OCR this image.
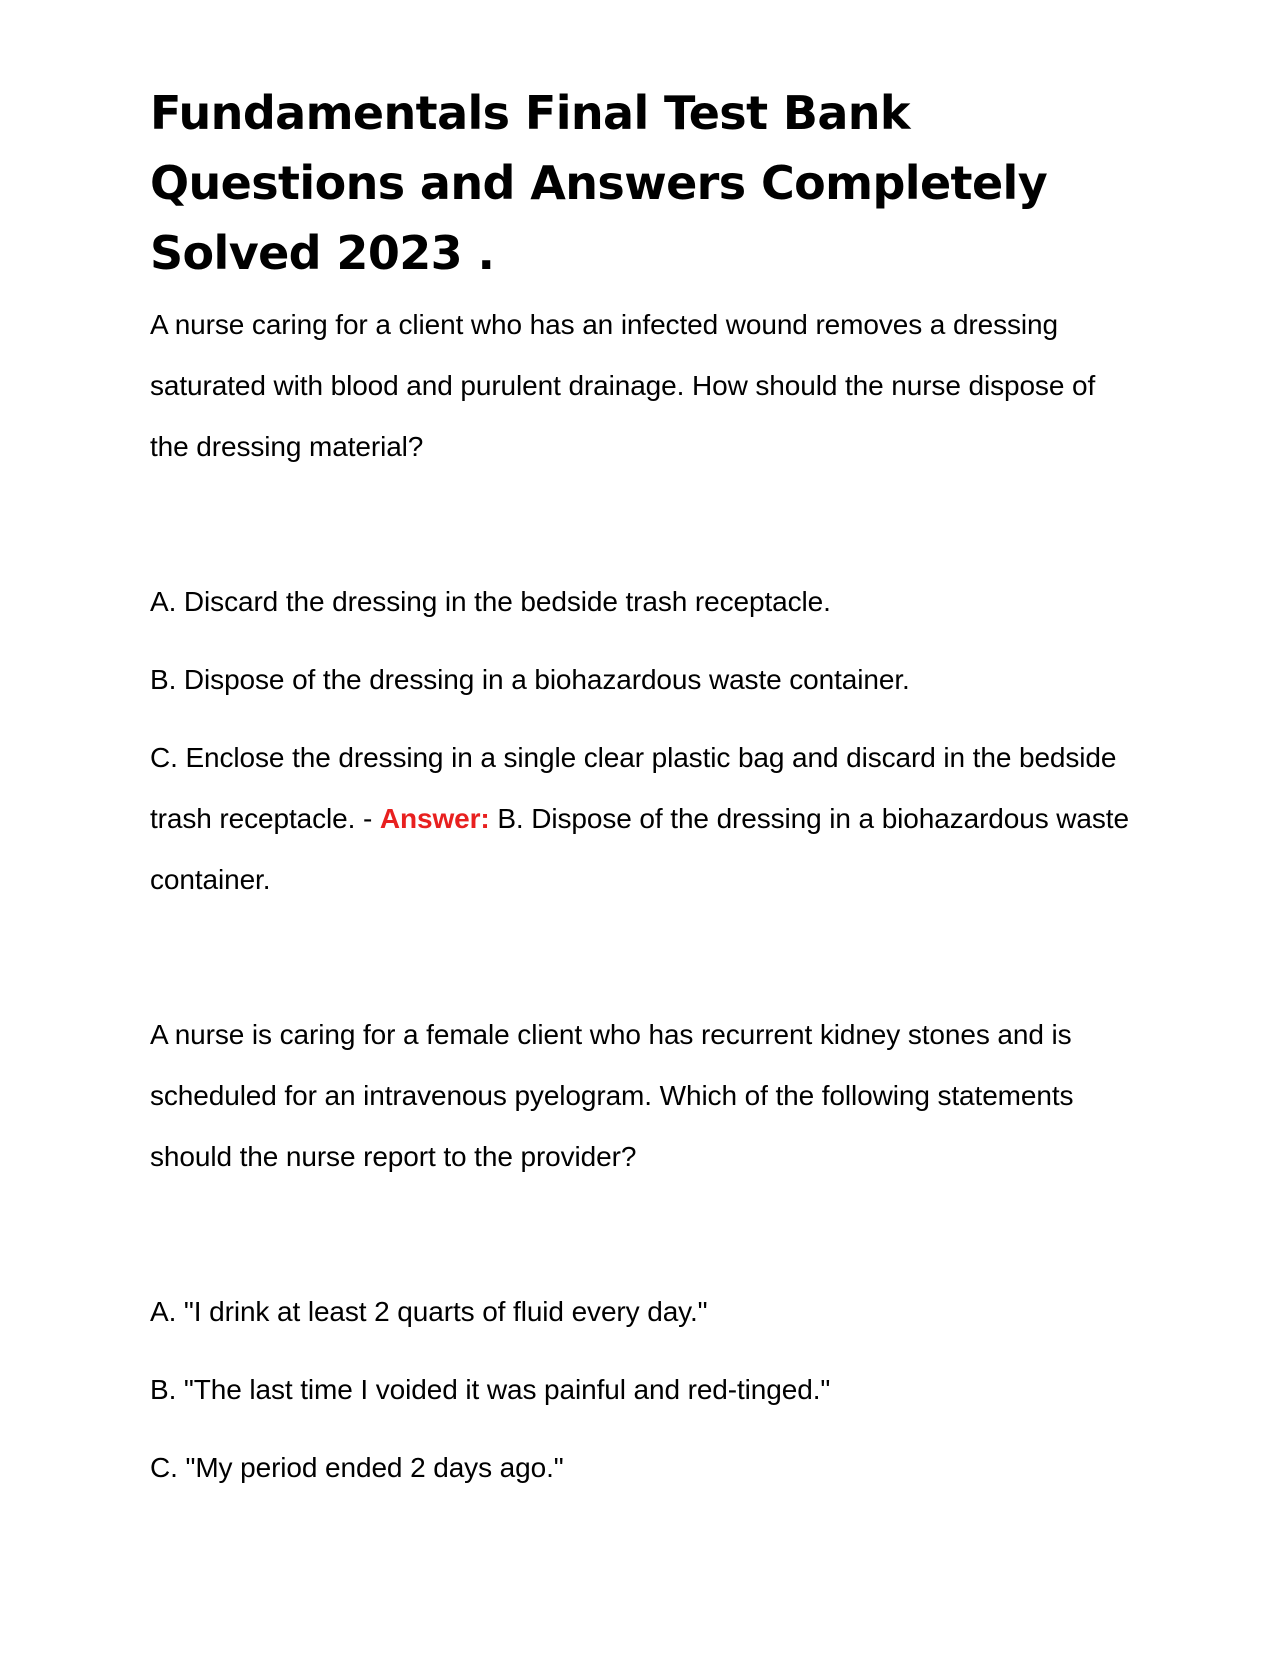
Fundamentals Final Test Bank Questions and Answers Completely Solved 2023 .

A nurse caring for a client who has an infected wound removes a dressing saturated with blood and purulent drainage. How should the nurse dispose of the dressing material?

A. Discard the dressing in the bedside trash receptacle.

B. Dispose of the dressing in a biohazardous waste container.

C. Enclose the dressing in a single clear plastic bag and discard in the bedside trash receptacle. - Answer: B. Dispose of the dressing in a biohazardous waste container.

A nurse is caring for a female client who has recurrent kidney stones and is scheduled for an intravenous pyelogram. Which of the following statements should the nurse report to the provider?

A. "I drink at least 2 quarts of fluid every day."

B. "The last time I voided it was painful and red-tinged."

C. "My period ended 2 days ago."
